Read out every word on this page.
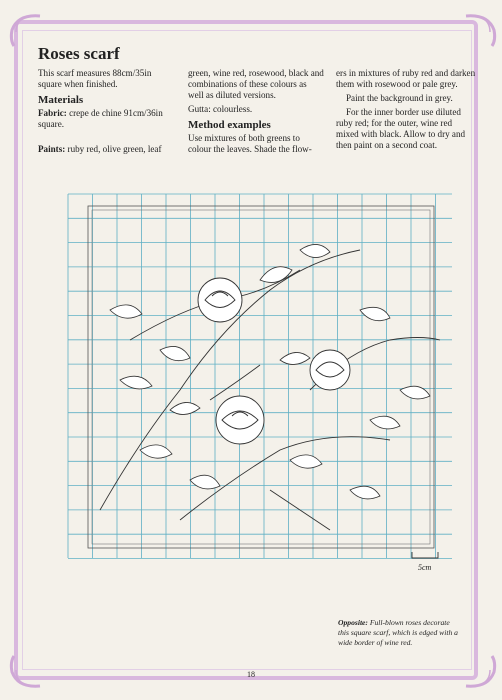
Roses scarf

This scarf measures 88cm/35in square when finished.

Materials

Fabric: crepe de chine 91cm/36in square.

Paints: ruby red, olive green, leaf

green, wine red, rosewood, black and combinations of these colours as well as diluted versions.

Gutta: colourless.

Method examples

Use mixtures of both greens to colour the leaves. Shade the flow-

ers in mixtures of ruby red and darken them with rosewood or pale grey.

Paint the background in grey.

For the inner border use diluted ruby red; for the outer, wine red mixed with black. Allow to dry and then paint on a second coat.

5cm
Opposite: Full-blown roses decorate this square scarf, which is edged with a wide border of wine red.
18
